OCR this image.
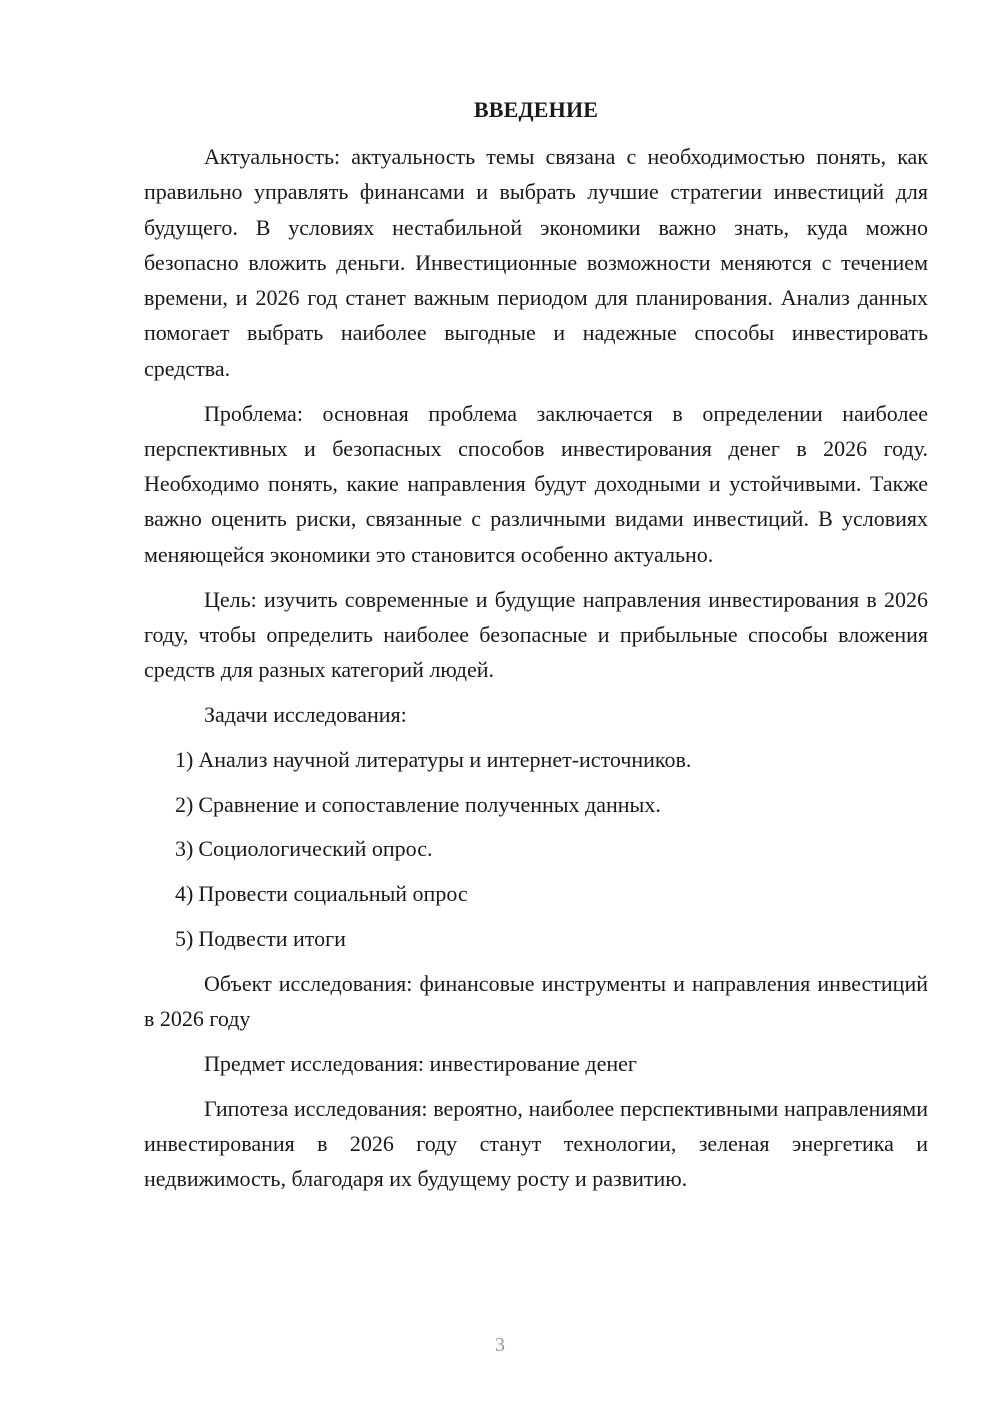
ВВЕДЕНИЕ

Актуальность: актуальность темы связана с необходимостью понять, как правильно управлять финансами и выбрать лучшие стратегии инвестиций для будущего. В условиях нестабильной экономики важно знать, куда можно безопасно вложить деньги. Инвестиционные возможности меняются с течением времени, и 2026 год станет важным периодом для планирования. Анализ данных помогает выбрать наиболее выгодные и надежные способы инвестировать средства.

Проблема: основная проблема заключается в определении наиболее перспективных и безопасных способов инвестирования денег в 2026 году. Необходимо понять, какие направления будут доходными и устойчивыми. Также важно оценить риски, связанные с различными видами инвестиций. В условиях меняющейся экономики это становится особенно актуально.

Цель: изучить современные и будущие направления инвестирования в 2026 году, чтобы определить наиболее безопасные и прибыльные способы вложения средств для разных категорий людей.

Задачи исследования:

1) Анализ научной литературы и интернет-источников.
2) Сравнение и сопоставление полученных данных.
3) Социологический опрос.
4) Провести социальный опрос
5) Подвести итоги

Объект исследования: финансовые инструменты и направления инвестиций в 2026 году

Предмет исследования: инвестирование денег

Гипотеза исследования: вероятно, наиболее перспективными направлениями инвестирования в 2026 году станут технологии, зеленая энергетика и недвижимость, благодаря их будущему росту и развитию.

3
